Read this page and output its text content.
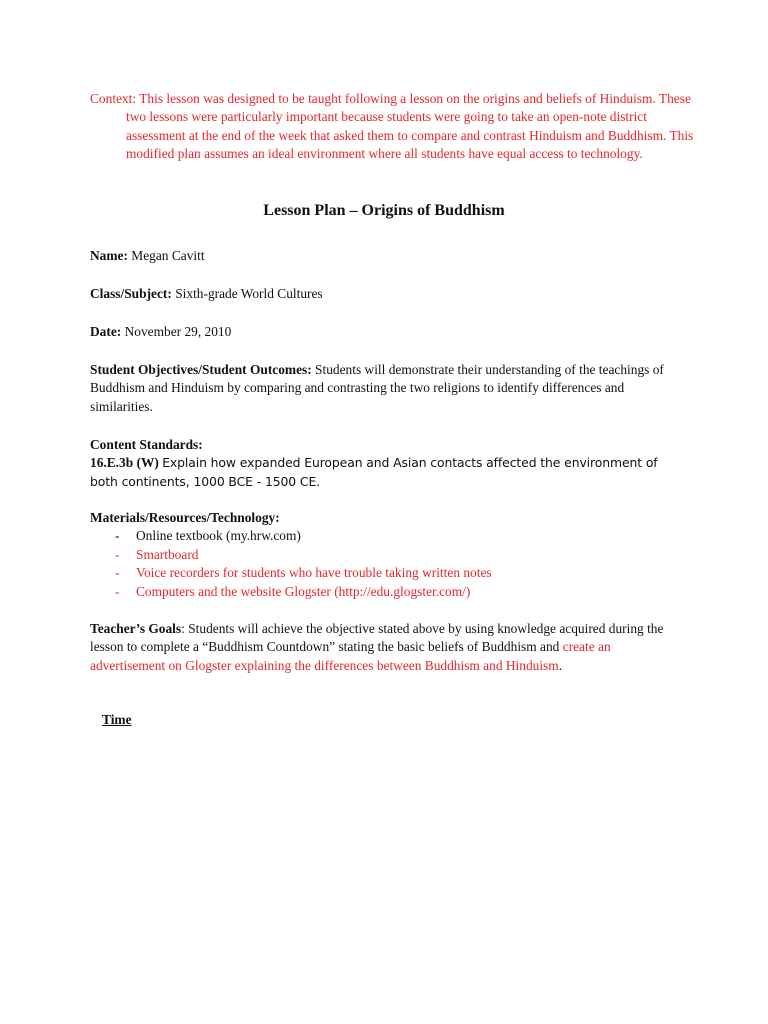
Context: This lesson was designed to be taught following a lesson on the origins and beliefs of Hinduism. These two lessons were particularly important because students were going to take an open-note district assessment at the end of the week that asked them to compare and contrast Hinduism and Buddhism. This modified plan assumes an ideal environment where all students have equal access to technology.
Lesson Plan – Origins of Buddhism
Name: Megan Cavitt
Class/Subject: Sixth-grade World Cultures
Date: November 29, 2010
Student Objectives/Student Outcomes: Students will demonstrate their understanding of the teachings of Buddhism and Hinduism by comparing and contrasting the two religions to identify differences and similarities.
Content Standards:
16.E.3b (W) Explain how expanded European and Asian contacts affected the environment of both continents, 1000 BCE - 1500 CE.
Materials/Resources/Technology:
- Online textbook (my.hrw.com)
- Smartboard
- Voice recorders for students who have trouble taking written notes
- Computers and the website Glogster (http://edu.glogster.com/)
Teacher’s Goals: Students will achieve the objective stated above by using knowledge acquired during the lesson to complete a “Buddhism Countdown” stating the basic beliefs of Buddhism and create an advertisement on Glogster explaining the differences between Buddhism and Hinduism.
Time
